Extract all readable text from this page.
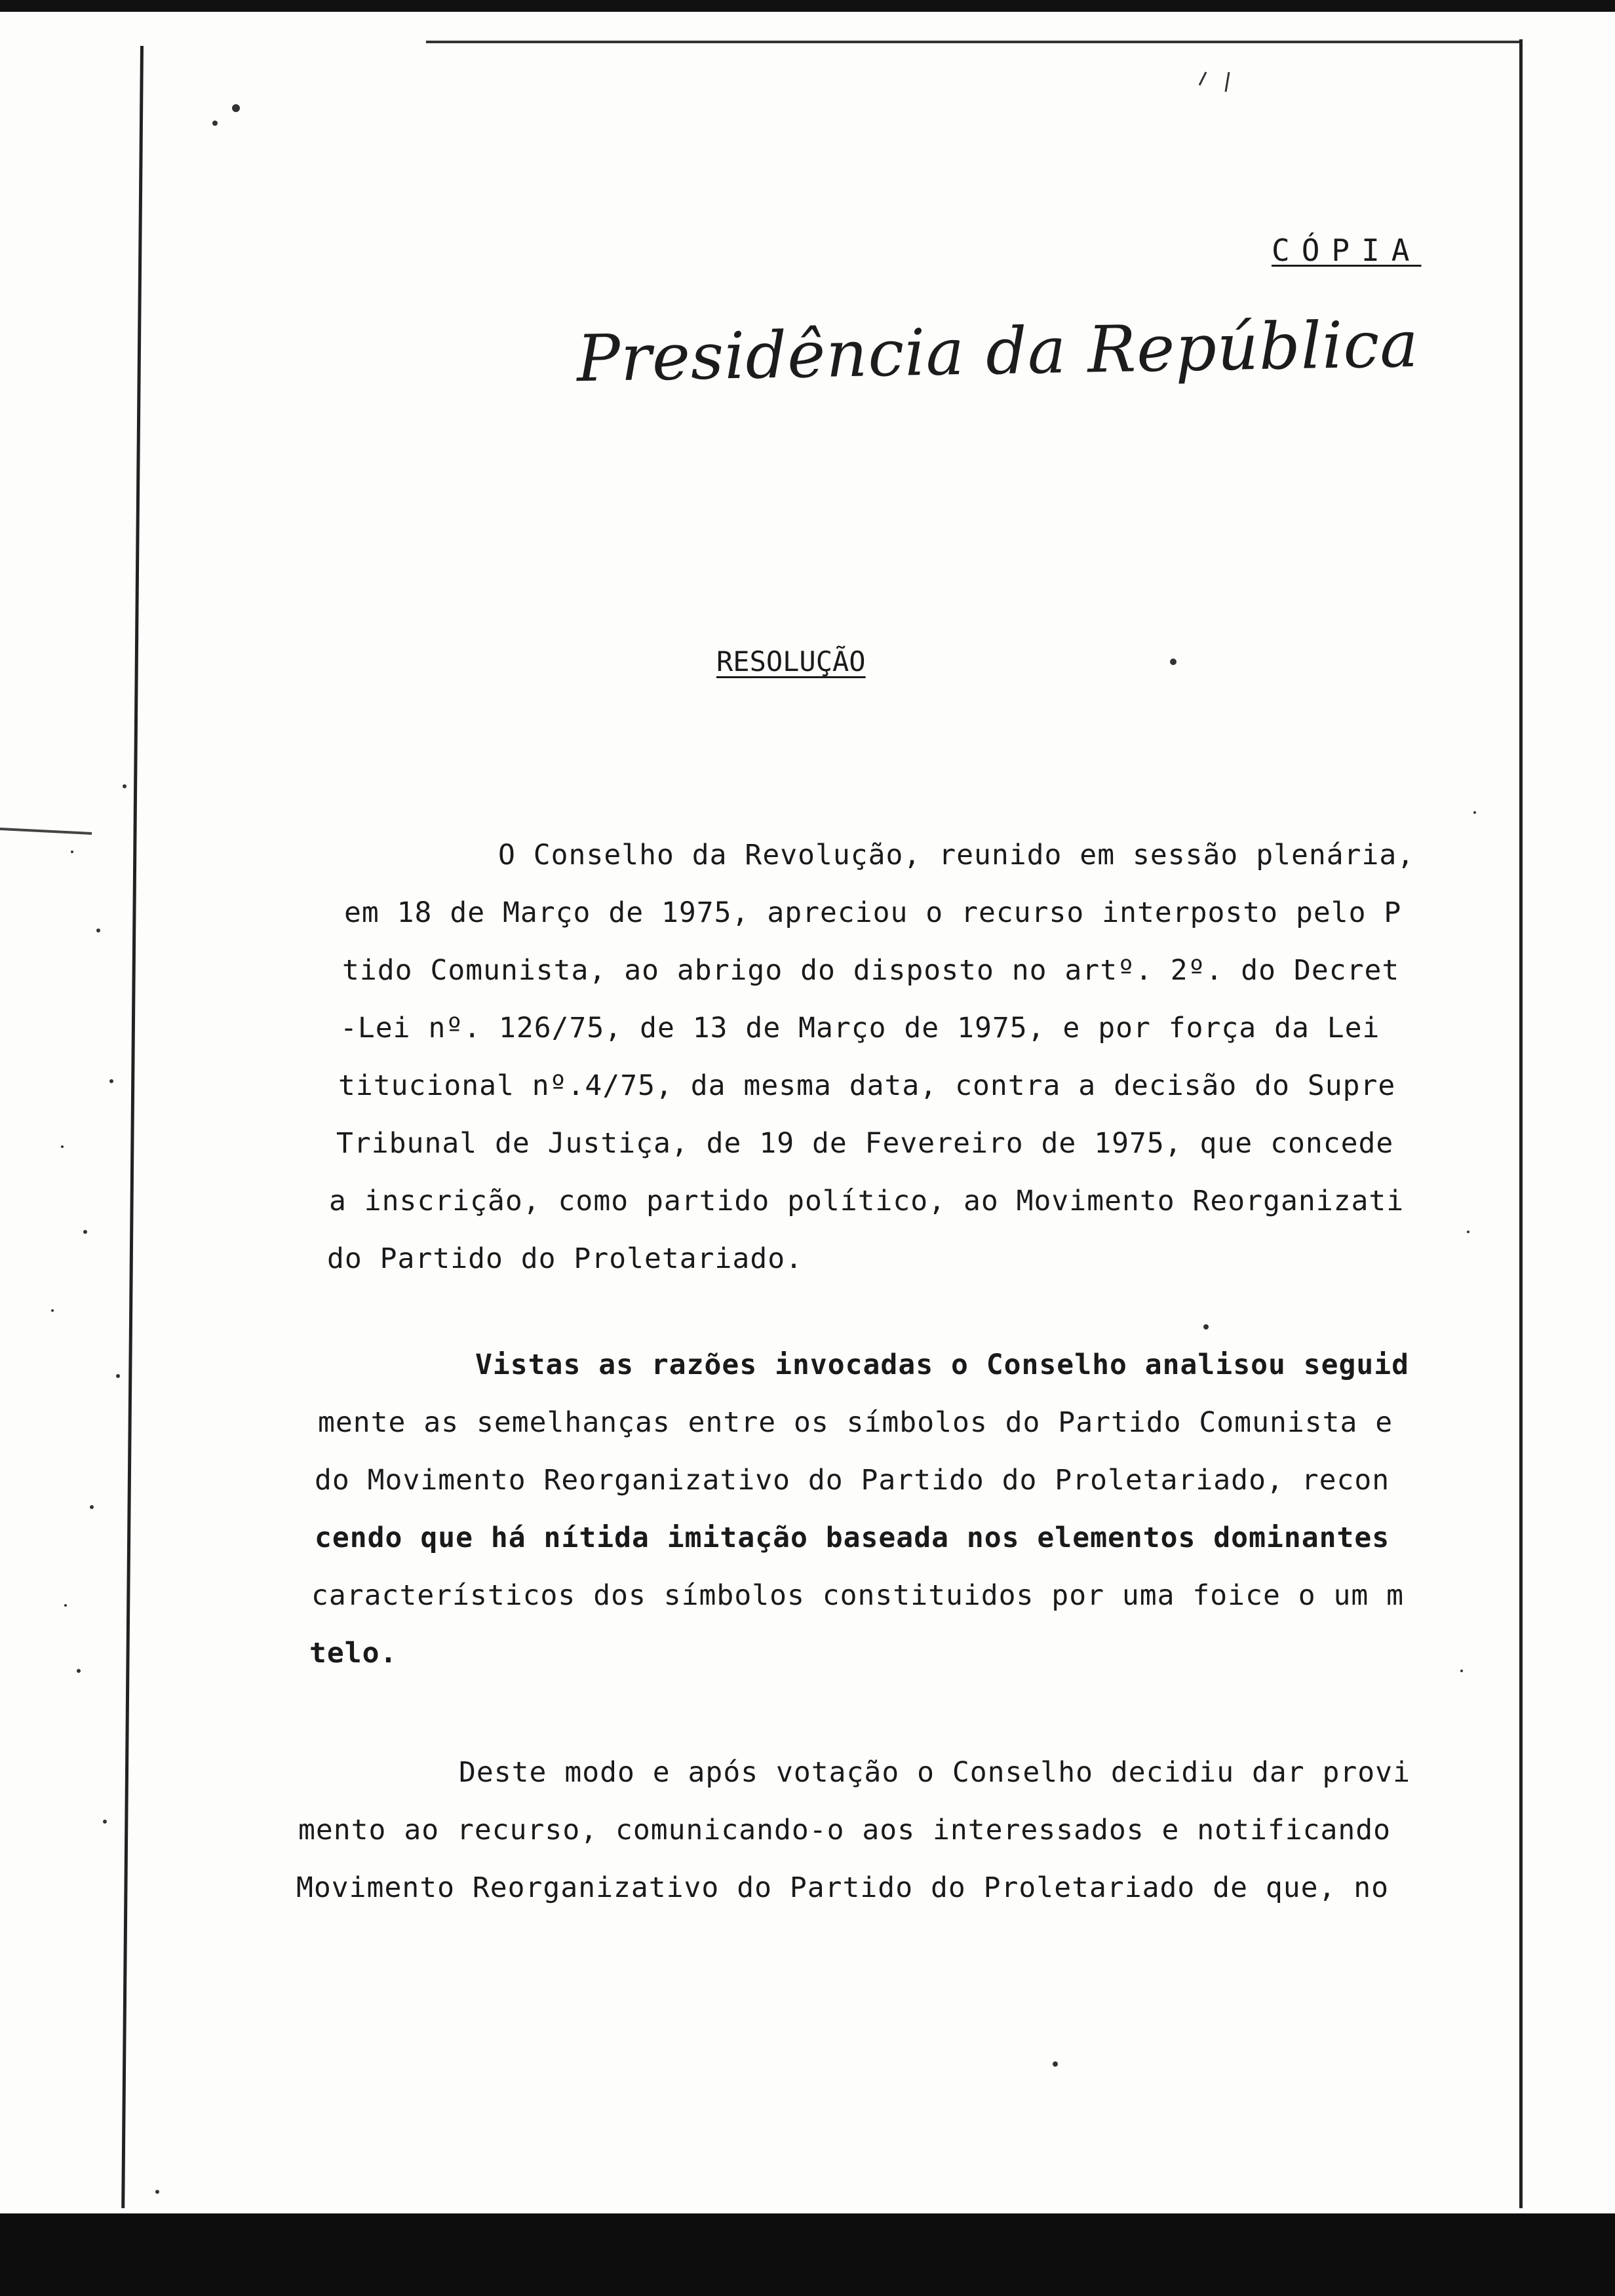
CÓPIA
Presidência da República
RESOLUÇÃO
O Conselho da Revolução, reunido em sessão plenária,
em 18 de Março de 1975, apreciou o recurso interposto pelo P
tido Comunista, ao abrigo do disposto no artº. 2º. do Decret
-Lei nº. 126/75, de 13 de Março de 1975, e por força da Lei
titucional nº.4/75, da mesma data, contra a decisão do Supre
Tribunal de Justiça, de 19 de Fevereiro de 1975, que concede
a inscrição, como partido político, ao Movimento Reorganizati
do Partido do Proletariado.
Vistas as razões invocadas o Conselho analisou seguid
mente as semelhanças entre os símbolos do Partido Comunista e
do Movimento Reorganizativo do Partido do Proletariado, recon
cendo que há nítida imitação baseada nos elementos dominantes
característicos dos símbolos constituidos por uma foice o um m
telo.
Deste modo e após votação o Conselho decidiu dar provi
mento ao recurso, comunicando-o aos interessados e notificando
Movimento Reorganizativo do Partido do Proletariado de que, no
